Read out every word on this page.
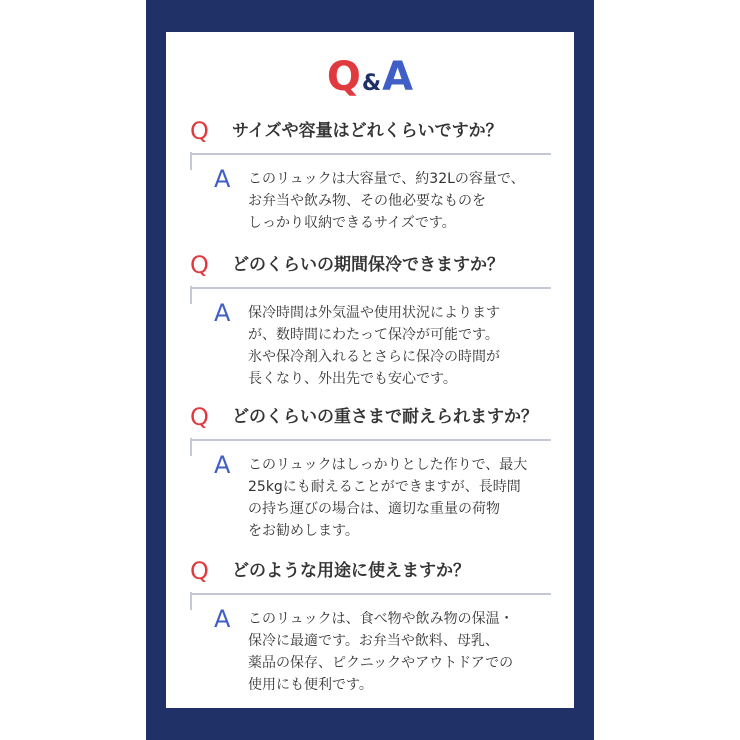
Q&A
Q サイズや容量はどれくらいですか？
A このリュックは大容量で、約32Lの容量で、
お弁当や飲み物、その他必要なものを
しっかり収納できるサイズです。
Q どのくらいの期間保冷できますか？
A 保冷時間は外気温や使用状況によります
が、数時間にわたって保冷が可能です。
氷や保冷剤入れるとさらに保冷の時間が
長くなり、外出先でも安心です。
Q どのくらいの重さまで耐えられますか？
A このリュックはしっかりとした作りで、最大
25kgにも耐えることができますが、長時間
の持ち運びの場合は、適切な重量の荷物
をお勧めします。
Q どのような用途に使えますか？
A このリュックは、食べ物や飲み物の保温・
保冷に最適です。お弁当や飲料、母乳、
薬品の保存、ピクニックやアウトドアでの
使用にも便利です。
